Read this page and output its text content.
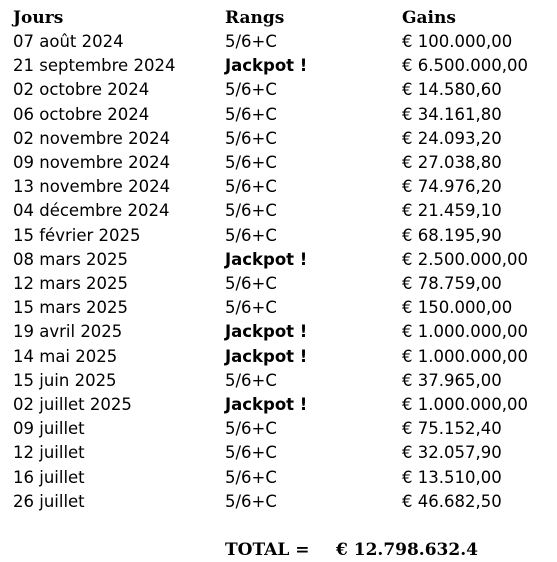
Jours	Rangs	Gains
07 août 2024	5/6+C	€ 100.000,00
21 septembre 2024	Jackpot !	€ 6.500.000,00
02 octobre 2024	5/6+C	€ 14.580,60
06 octobre 2024	5/6+C	€ 34.161,80
02 novembre 2024	5/6+C	€ 24.093,20
09 novembre 2024	5/6+C	€ 27.038,80
13 novembre 2024	5/6+C	€ 74.976,20
04 décembre 2024	5/6+C	€ 21.459,10
15 février 2025	5/6+C	€ 68.195,90
08 mars 2025	Jackpot !	€ 2.500.000,00
12 mars 2025	5/6+C	€ 78.759,00
15 mars 2025	5/6+C	€ 150.000,00
19 avril 2025	Jackpot !	€ 1.000.000,00
14 mai 2025	Jackpot !	€ 1.000.000,00
15 juin 2025	5/6+C	€ 37.965,00
02 juillet 2025	Jackpot !	€ 1.000.000,00
09 juillet	5/6+C	€ 75.152,40
12 juillet	5/6+C	€ 32.057,90
16 juillet	5/6+C	€ 13.510,00
26 juillet	5/6+C	€ 46.682,50
TOTAL = € 12.798.632.4
